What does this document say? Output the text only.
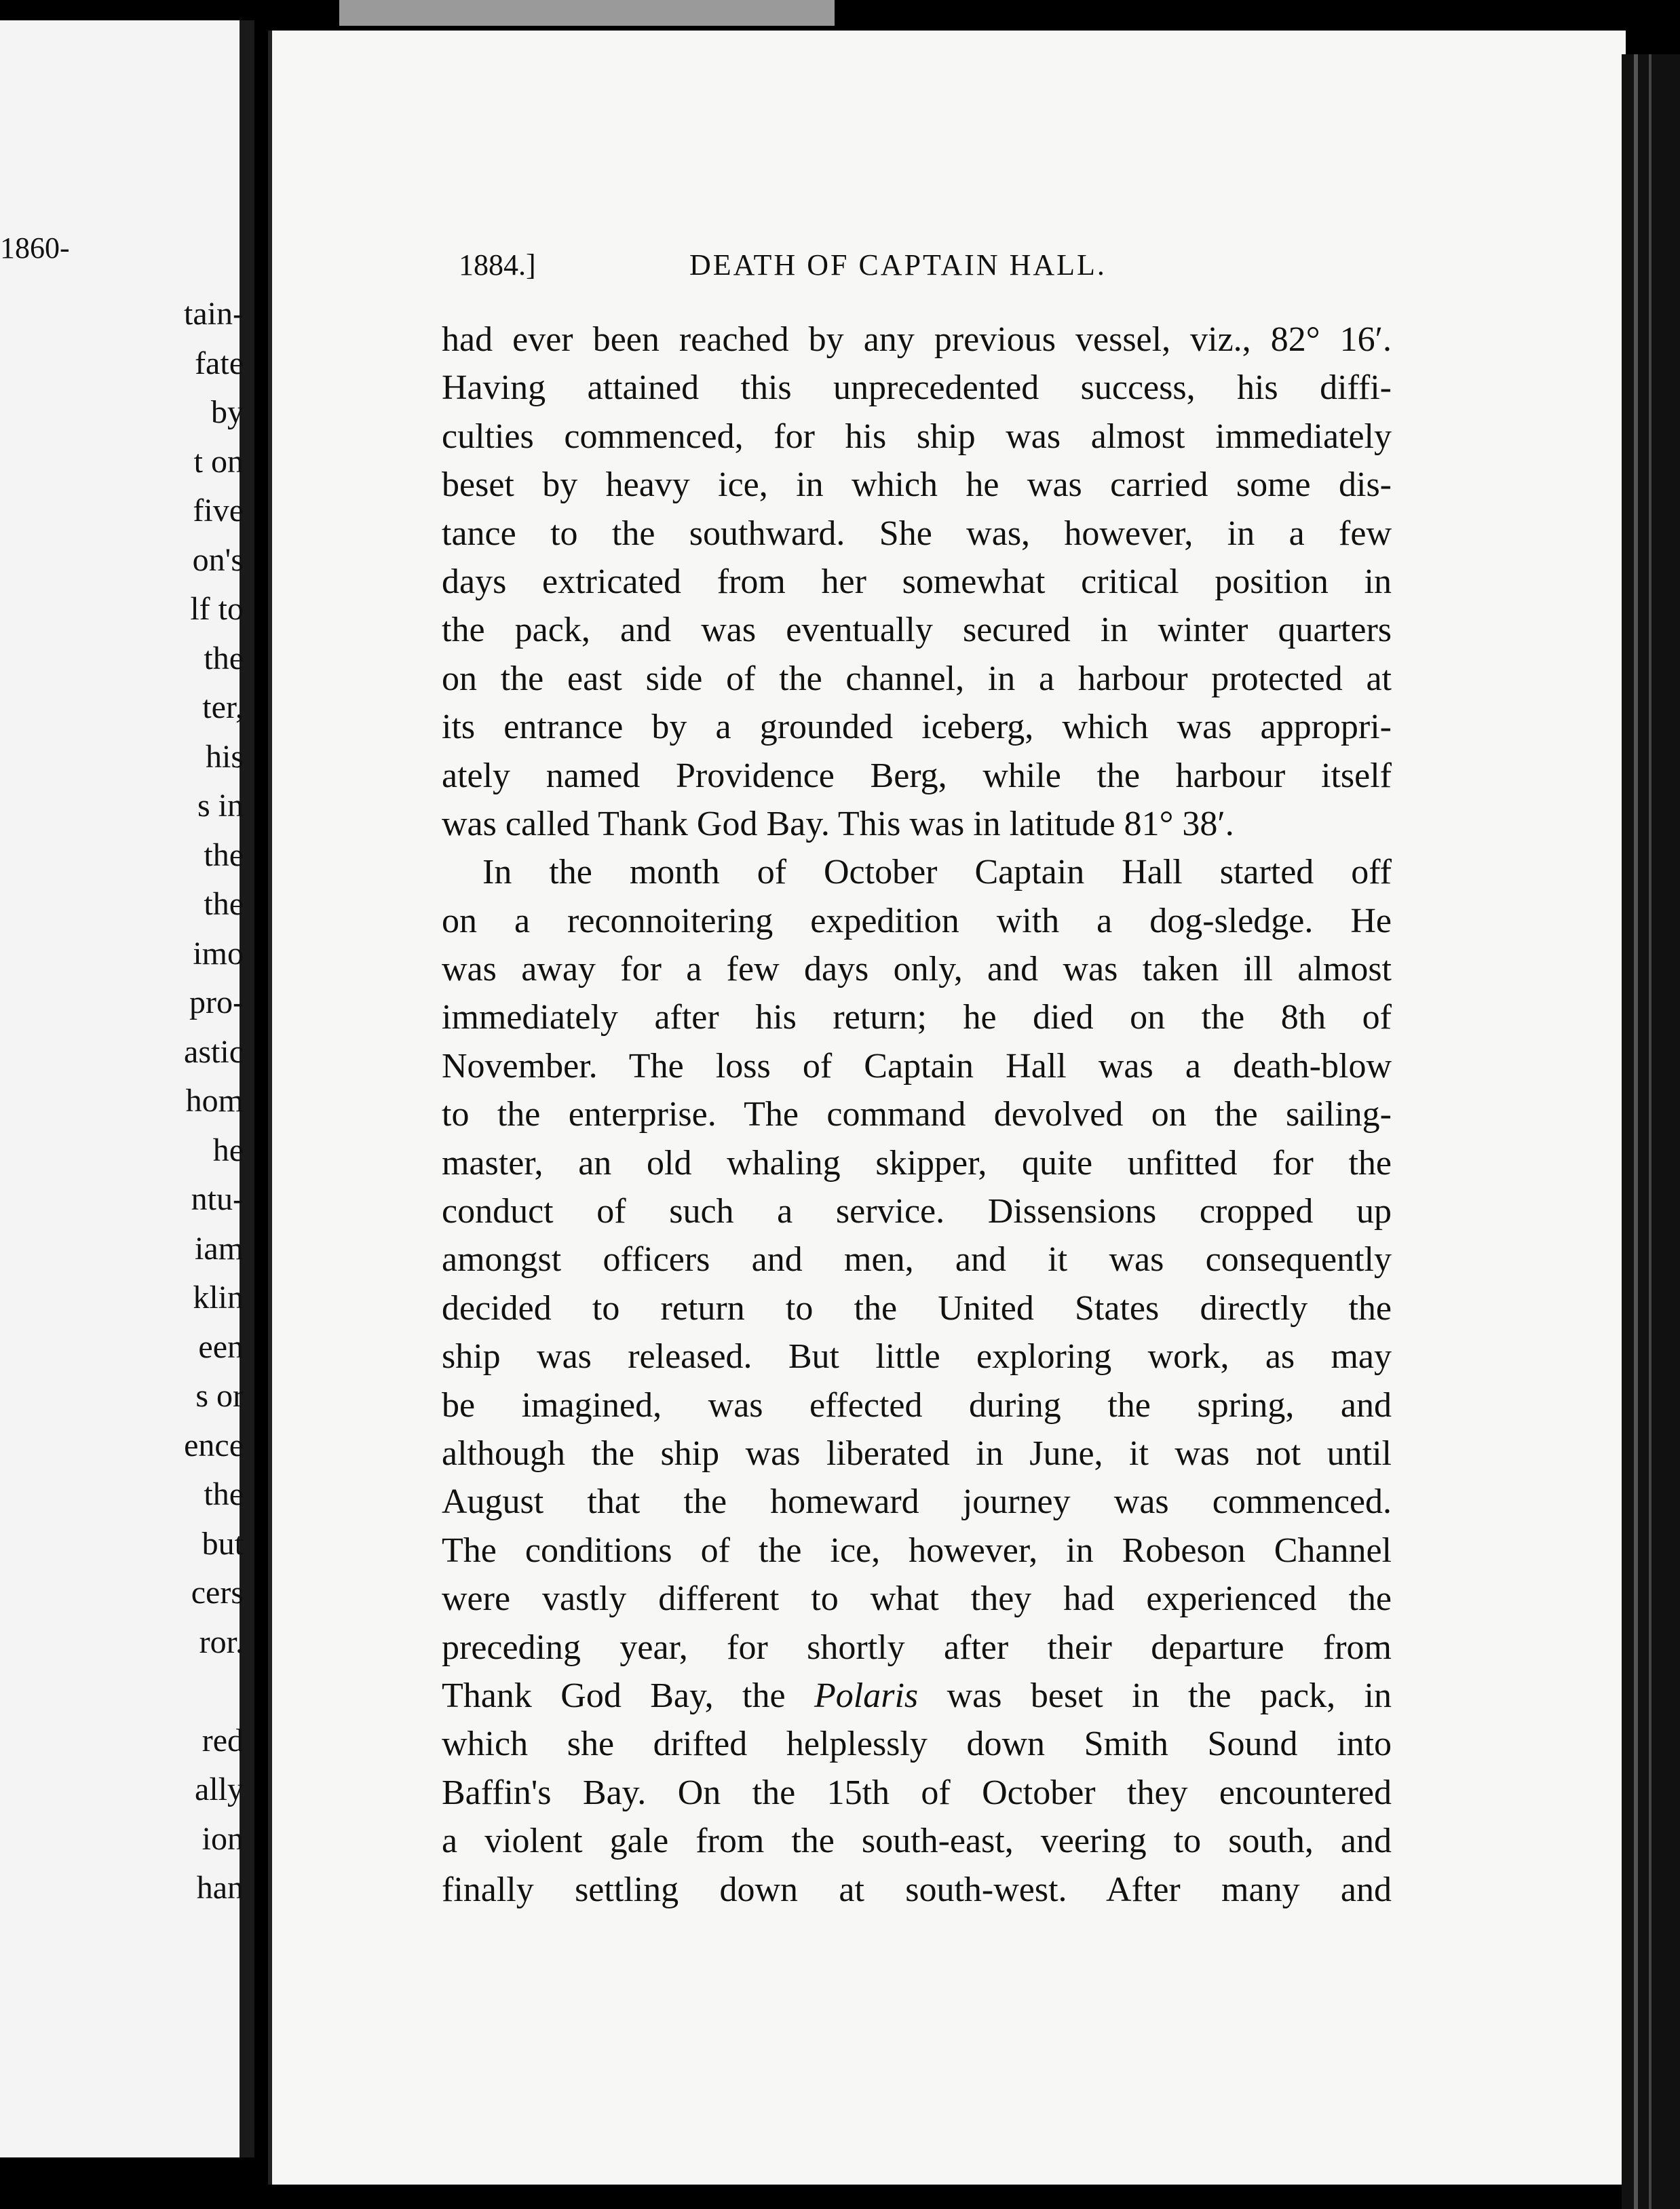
1860-
tain-
fate
by
t on
five
on's
lf to
the
ter,
his
s in
the
the
imo
pro-
astic
hom
he
ntu-
iam
klin
een
s or
ence
the
but
cers
ror.
red
ally
ion
han
1884.]	DEATH OF CAPTAIN HALL.
had ever been reached by any previous vessel, viz., 82° 16′.
Having attained this unprecedented success, his diffi-
culties commenced, for his ship was almost immediately
beset by heavy ice, in which he was carried some dis-
tance to the southward. She was, however, in a few
days extricated from her somewhat critical position in
the pack, and was eventually secured in winter quarters
on the east side of the channel, in a harbour protected at
its entrance by a grounded iceberg, which was appropri-
ately named Providence Berg, while the harbour itself
was called Thank God Bay. This was in latitude 81° 38′.
In the month of October Captain Hall started off
on a reconnoitering expedition with a dog-sledge. He
was away for a few days only, and was taken ill almost
immediately after his return; he died on the 8th of
November. The loss of Captain Hall was a death-blow
to the enterprise. The command devolved on the sailing-
master, an old whaling skipper, quite unfitted for the
conduct of such a service. Dissensions cropped up
amongst officers and men, and it was consequently
decided to return to the United States directly the
ship was released. But little exploring work, as may
be imagined, was effected during the spring, and
although the ship was liberated in June, it was not until
August that the homeward journey was commenced.
The conditions of the ice, however, in Robeson Channel
were vastly different to what they had experienced the
preceding year, for shortly after their departure from
Thank God Bay, the Polaris was beset in the pack, in
which she drifted helplessly down Smith Sound into
Baffin's Bay. On the 15th of October they encountered
a violent gale from the south-east, veering to south, and
finally settling down at south-west. After many and
